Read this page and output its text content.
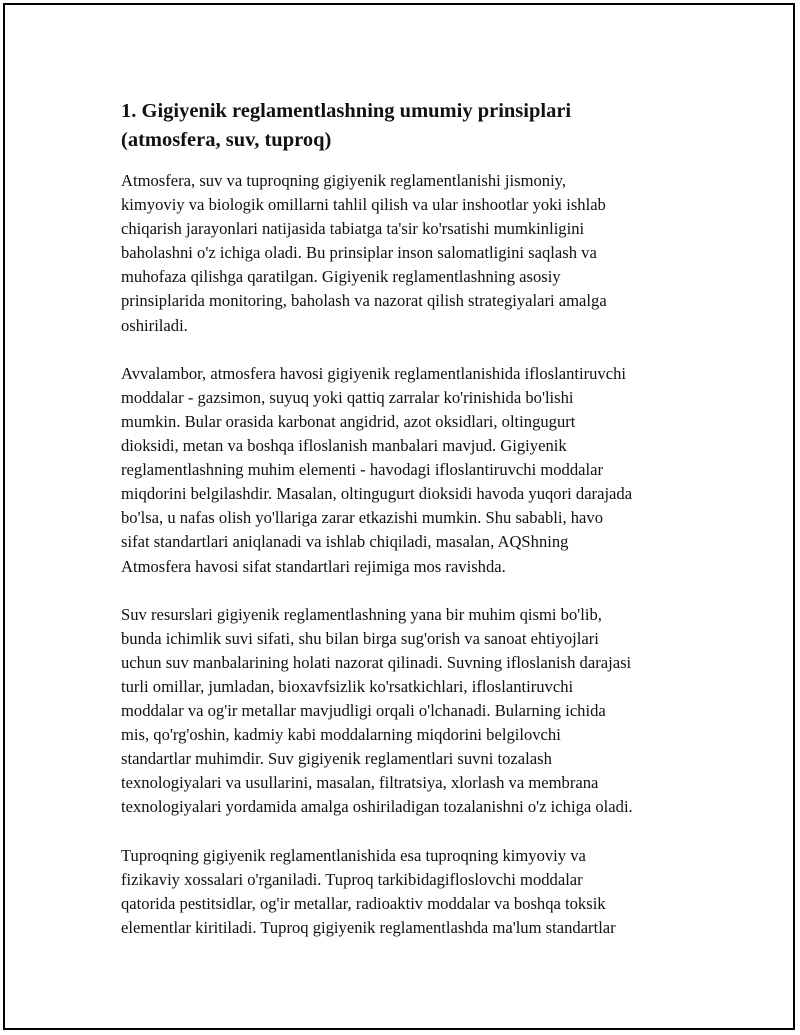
1. Gigiyenik reglamentlashning umumiy prinsiplari
(atmosfera, suv, tuproq)
Atmosfera, suv va tuproqning gigiyenik reglamentlanishi jismoniy,
kimyoviy va biologik omillarni tahlil qilish va ular inshootlar yoki ishlab
chiqarish jarayonlari natijasida tabiatga ta'sir ko'rsatishi mumkinligini
baholashni o'z ichiga oladi. Bu prinsiplar inson salomatligini saqlash va
muhofaza qilishga qaratilgan. Gigiyenik reglamentlashning asosiy
prinsiplarida monitoring, baholash va nazorat qilish strategiyalari amalga
oshiriladi.
Avvalambor, atmosfera havosi gigiyenik reglamentlanishida ifloslantiruvchi
moddalar - gazsimon, suyuq yoki qattiq zarralar ko'rinishida bo'lishi
mumkin. Bular orasida karbonat angidrid, azot oksidlari, oltingugurt
dioksidi, metan va boshqa ifloslanish manbalari mavjud. Gigiyenik
reglamentlashning muhim elementi - havodagi ifloslantiruvchi moddalar
miqdorini belgilashdir. Masalan, oltingugurt dioksidi havoda yuqori darajada
bo'lsa, u nafas olish yo'llariga zarar etkazishi mumkin. Shu sababli, havo
sifat standartlari aniqlanadi va ishlab chiqiladi, masalan, AQShning
Atmosfera havosi sifat standartlari rejimiga mos ravishda.
Suv resurslari gigiyenik reglamentlashning yana bir muhim qismi bo'lib,
bunda ichimlik suvi sifati, shu bilan birga sug'orish va sanoat ehtiyojlari
uchun suv manbalarining holati nazorat qilinadi. Suvning ifloslanish darajasi
turli omillar, jumladan, bioxavfsizlik ko'rsatkichlari, ifloslantiruvchi
moddalar va og'ir metallar mavjudligi orqali o'lchanadi. Bularning ichida
mis, qo'rg'oshin, kadmiy kabi moddalarning miqdorini belgilovchi
standartlar muhimdir. Suv gigiyenik reglamentlari suvni tozalash
texnologiyalari va usullarini, masalan, filtratsiya, xlorlash va membrana
texnologiyalari yordamida amalga oshiriladigan tozalanishni o'z ichiga oladi.
Tuproqning gigiyenik reglamentlanishida esa tuproqning kimyoviy va
fizikaviy xossalari o'rganiladi. Tuproq tarkibidagifloslovchi moddalar
qatorida pestitsidlar, og'ir metallar, radioaktiv moddalar va boshqa toksik
elementlar kiritiladi. Tuproq gigiyenik reglamentlashda ma'lum standartlar
